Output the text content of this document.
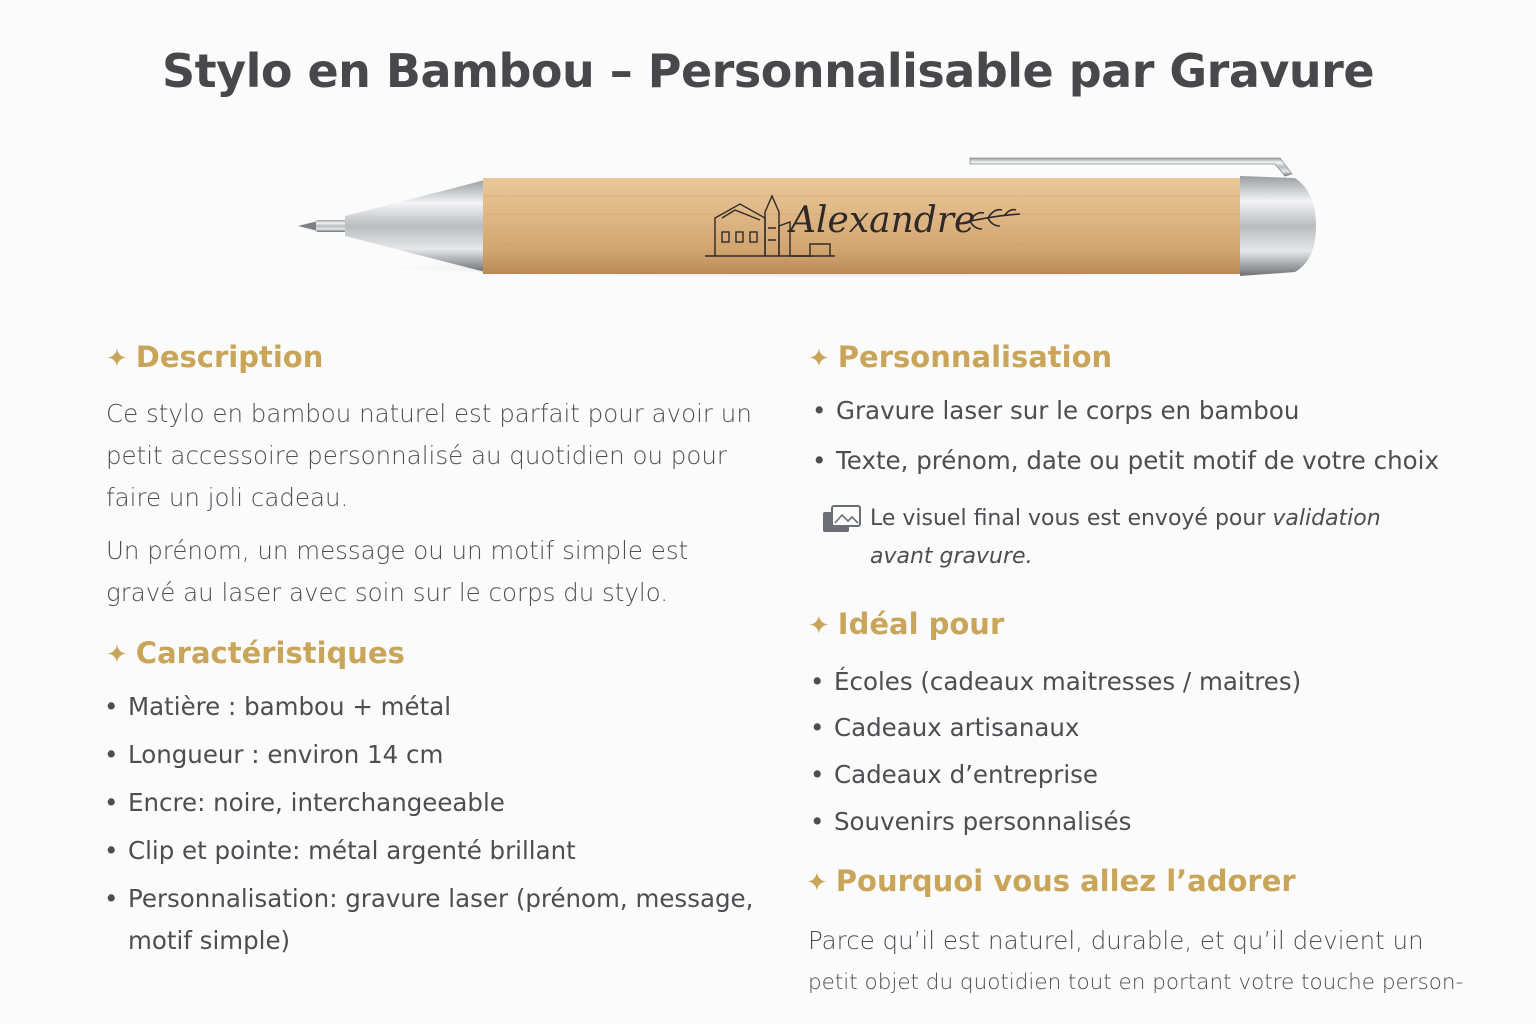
Stylo en Bambou – Personnalisable par Gravure
Alexandre
✦ Description

Ce stylo en bambou naturel est parfait pour avoir un petit accessoire personnalisé au quotidien ou pour faire un joli cadeau.

Un prénom, un message ou un motif simple est gravé au laser avec soin sur le corps du stylo.

✦ Caractéristiques
• Matière : bambou + métal
• Longueur : environ 14 cm
• Encre: noire, interchangeeable
• Clip et pointe: métal argenté brillant
• Personnalisation: gravure laser (prénom, message,
motif simple)
✦ Personnalisation
• Gravure laser sur le corps en bambou
• Texte, prénom, date ou petit motif de votre choix
Le visuel final vous est envoyé pour validation avant gravure.
✦ Idéal pour
• Écoles (cadeaux maitresses / maitres)
• Cadeaux artisanaux
• Cadeaux d’entreprise
• Souvenirs personnalisés
✦ Pourquoi vous allez l’adorer
Parce qu’il est naturel, durable, et qu’il devient un
petit objet du quotidien tout en portant votre touche person-
